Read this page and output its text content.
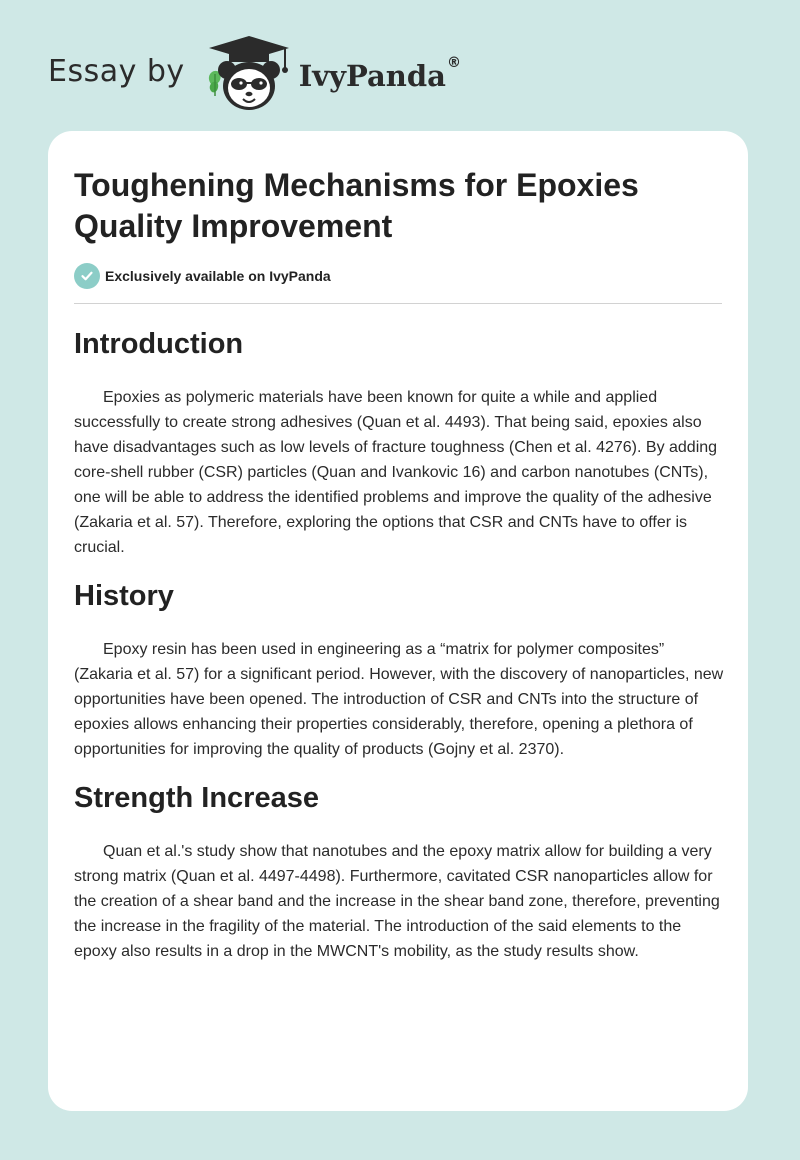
Essay by	IvyPanda®
Toughening Mechanisms for Epoxies Quality Improvement
Exclusively available on IvyPanda
Introduction

Epoxies as polymeric materials have been known for quite a while and applied successfully to create strong adhesives (Quan et al. 4493). That being said, epoxies also have disadvantages such as low levels of fracture toughness (Chen et al. 4276). By adding core-shell rubber (CSR) particles (Quan and Ivankovic 16) and carbon nanotubes (CNTs), one will be able to address the identified problems and improve the quality of the adhesive (Zakaria et al. 57). Therefore, exploring the options that CSR and CNTs have to offer is crucial.

History

Epoxy resin has been used in engineering as a “matrix for polymer composites” (Zakaria et al. 57) for a significant period. However, with the discovery of nanoparticles, new opportunities have been opened. The introduction of CSR and CNTs into the structure of epoxies allows enhancing their properties considerably, therefore, opening a plethora of opportunities for improving the quality of products (Gojny et al. 2370).

Strength Increase

Quan et al.'s study show that nanotubes and the epoxy matrix allow for building a very strong matrix (Quan et al. 4497-4498). Furthermore, cavitated CSR nanoparticles allow for the creation of a shear band and the increase in the shear band zone, therefore, preventing the increase in the fragility of the material. The introduction of the said elements to the epoxy also results in a drop in the MWCNT's mobility, as the study results show.
